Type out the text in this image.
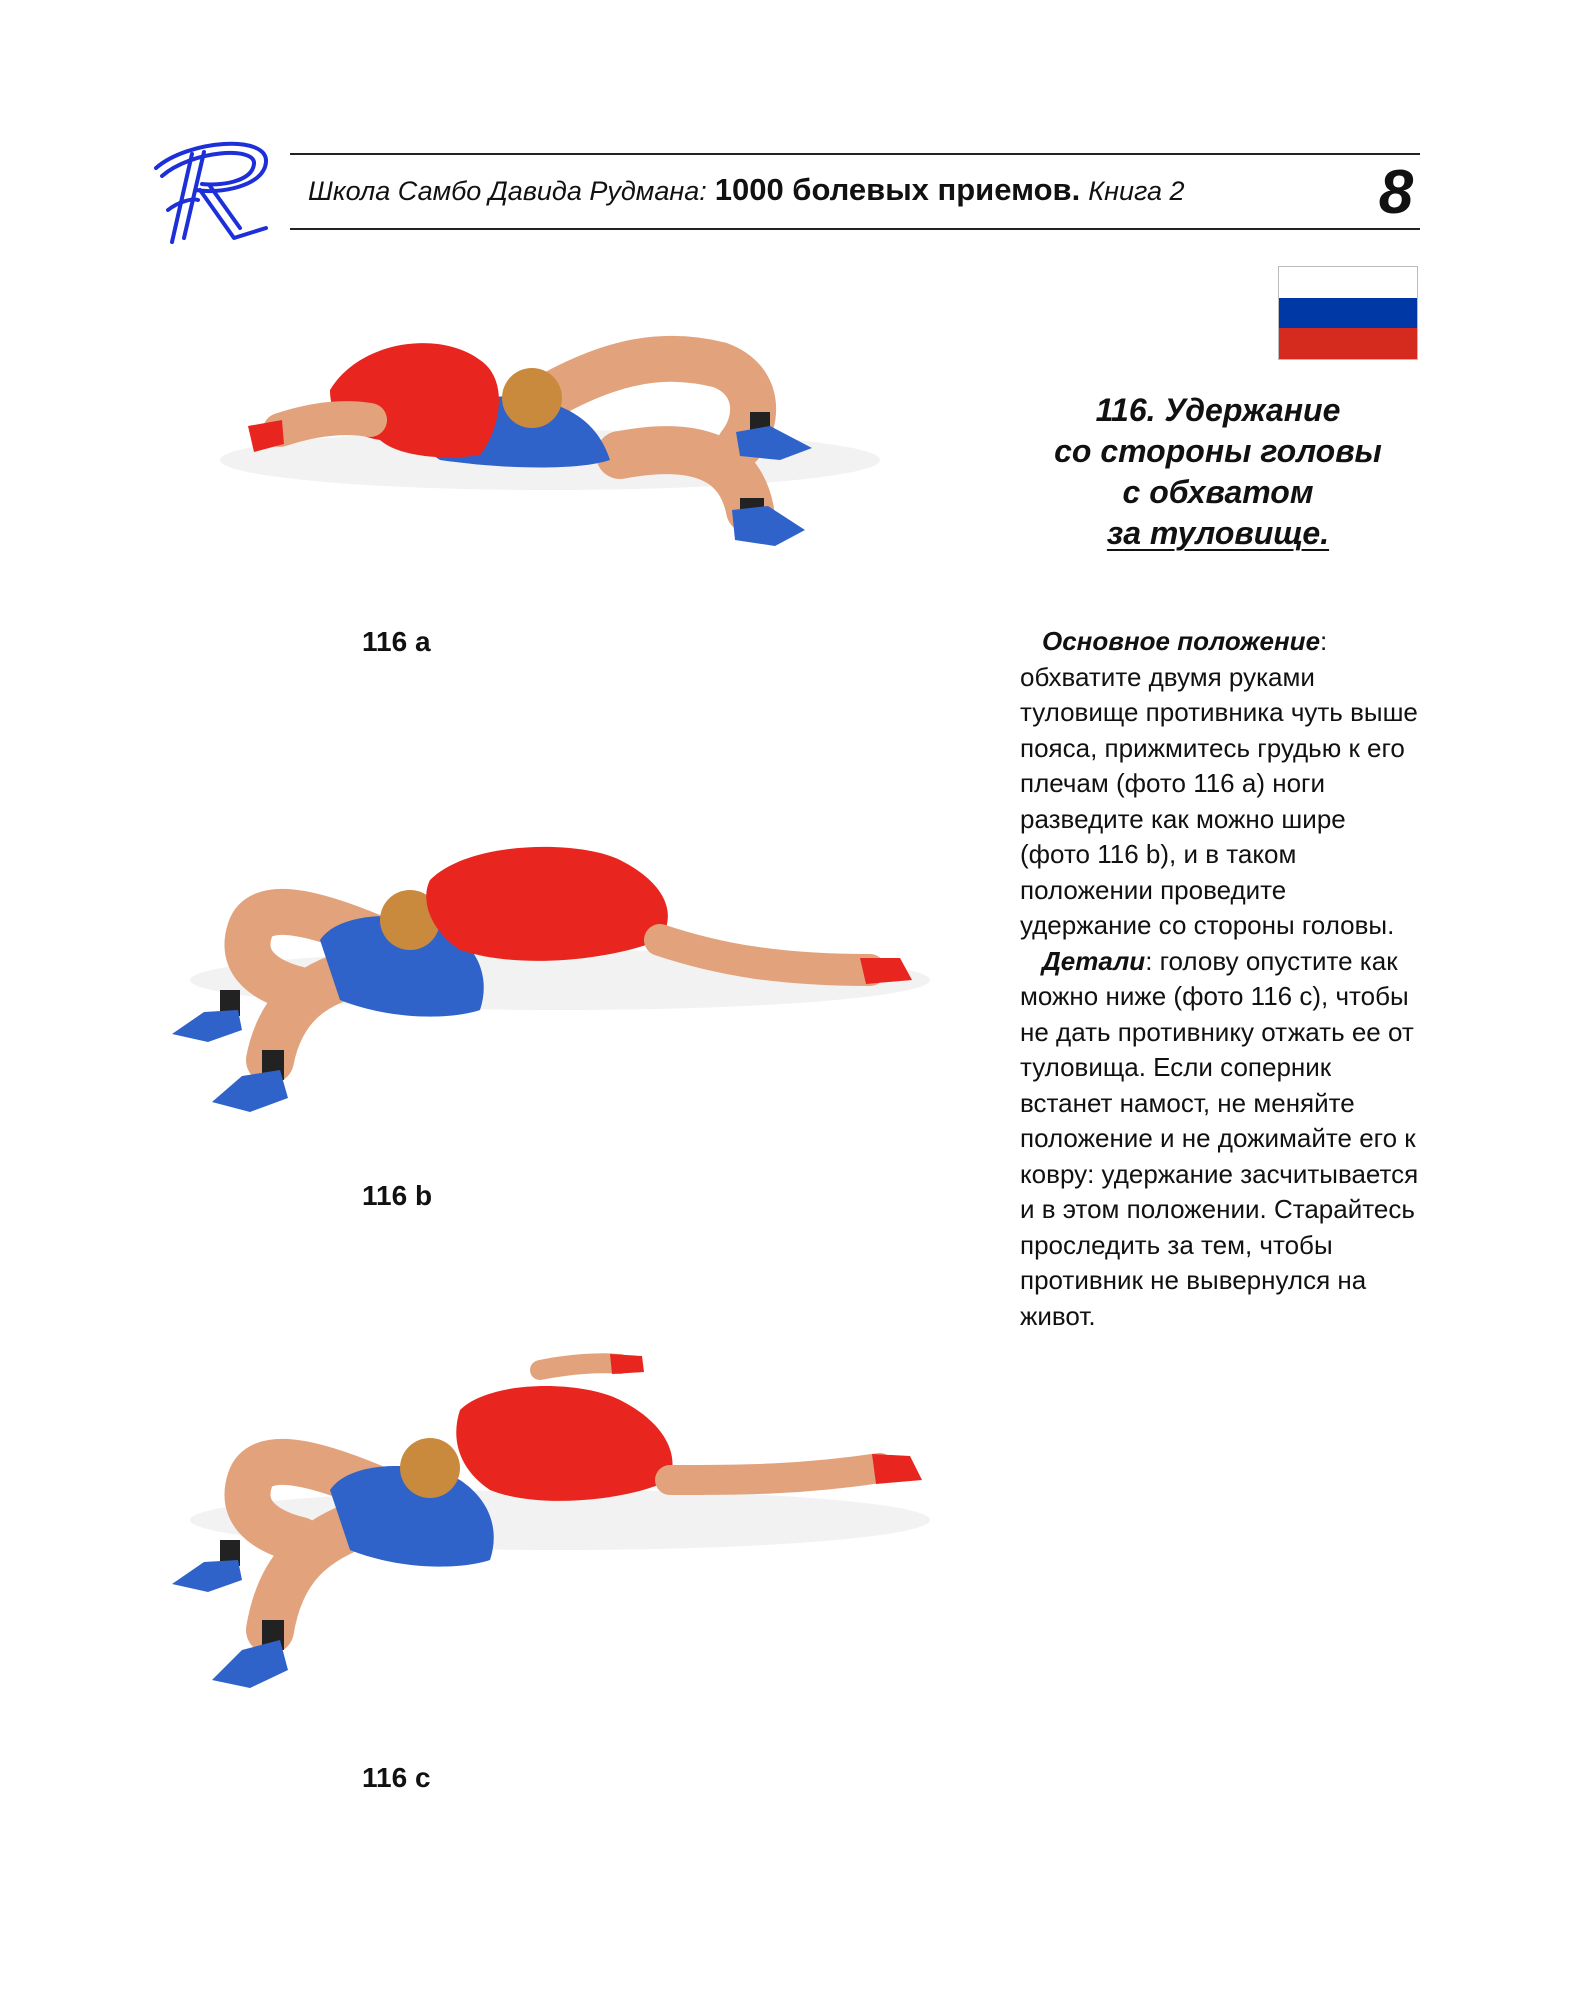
Школа Самбо Давида Рудмана: 1000 болевых приемов. Книга 2	8
116. Удержание
со стороны головы
с обхватом
за туловище.

Основное положение: обхватите двумя руками туловище противника чуть выше пояса, прижмитесь грудью к его плечам (фото 116 a) ноги разведите как можно шире (фото 116 b), и в таком положении проведите удержание со стороны головы.

Детали: голову опустите как можно ниже (фото 116 c), чтобы не дать противнику отжать ее от туловища. Если соперник встанет намост, не меняйте положение и не дожимайте его к ковру: удержание засчитывается и в этом положении. Старайтесь проследить за тем, чтобы противник не вывернулся на живот.

116 a
116 b
116 c
